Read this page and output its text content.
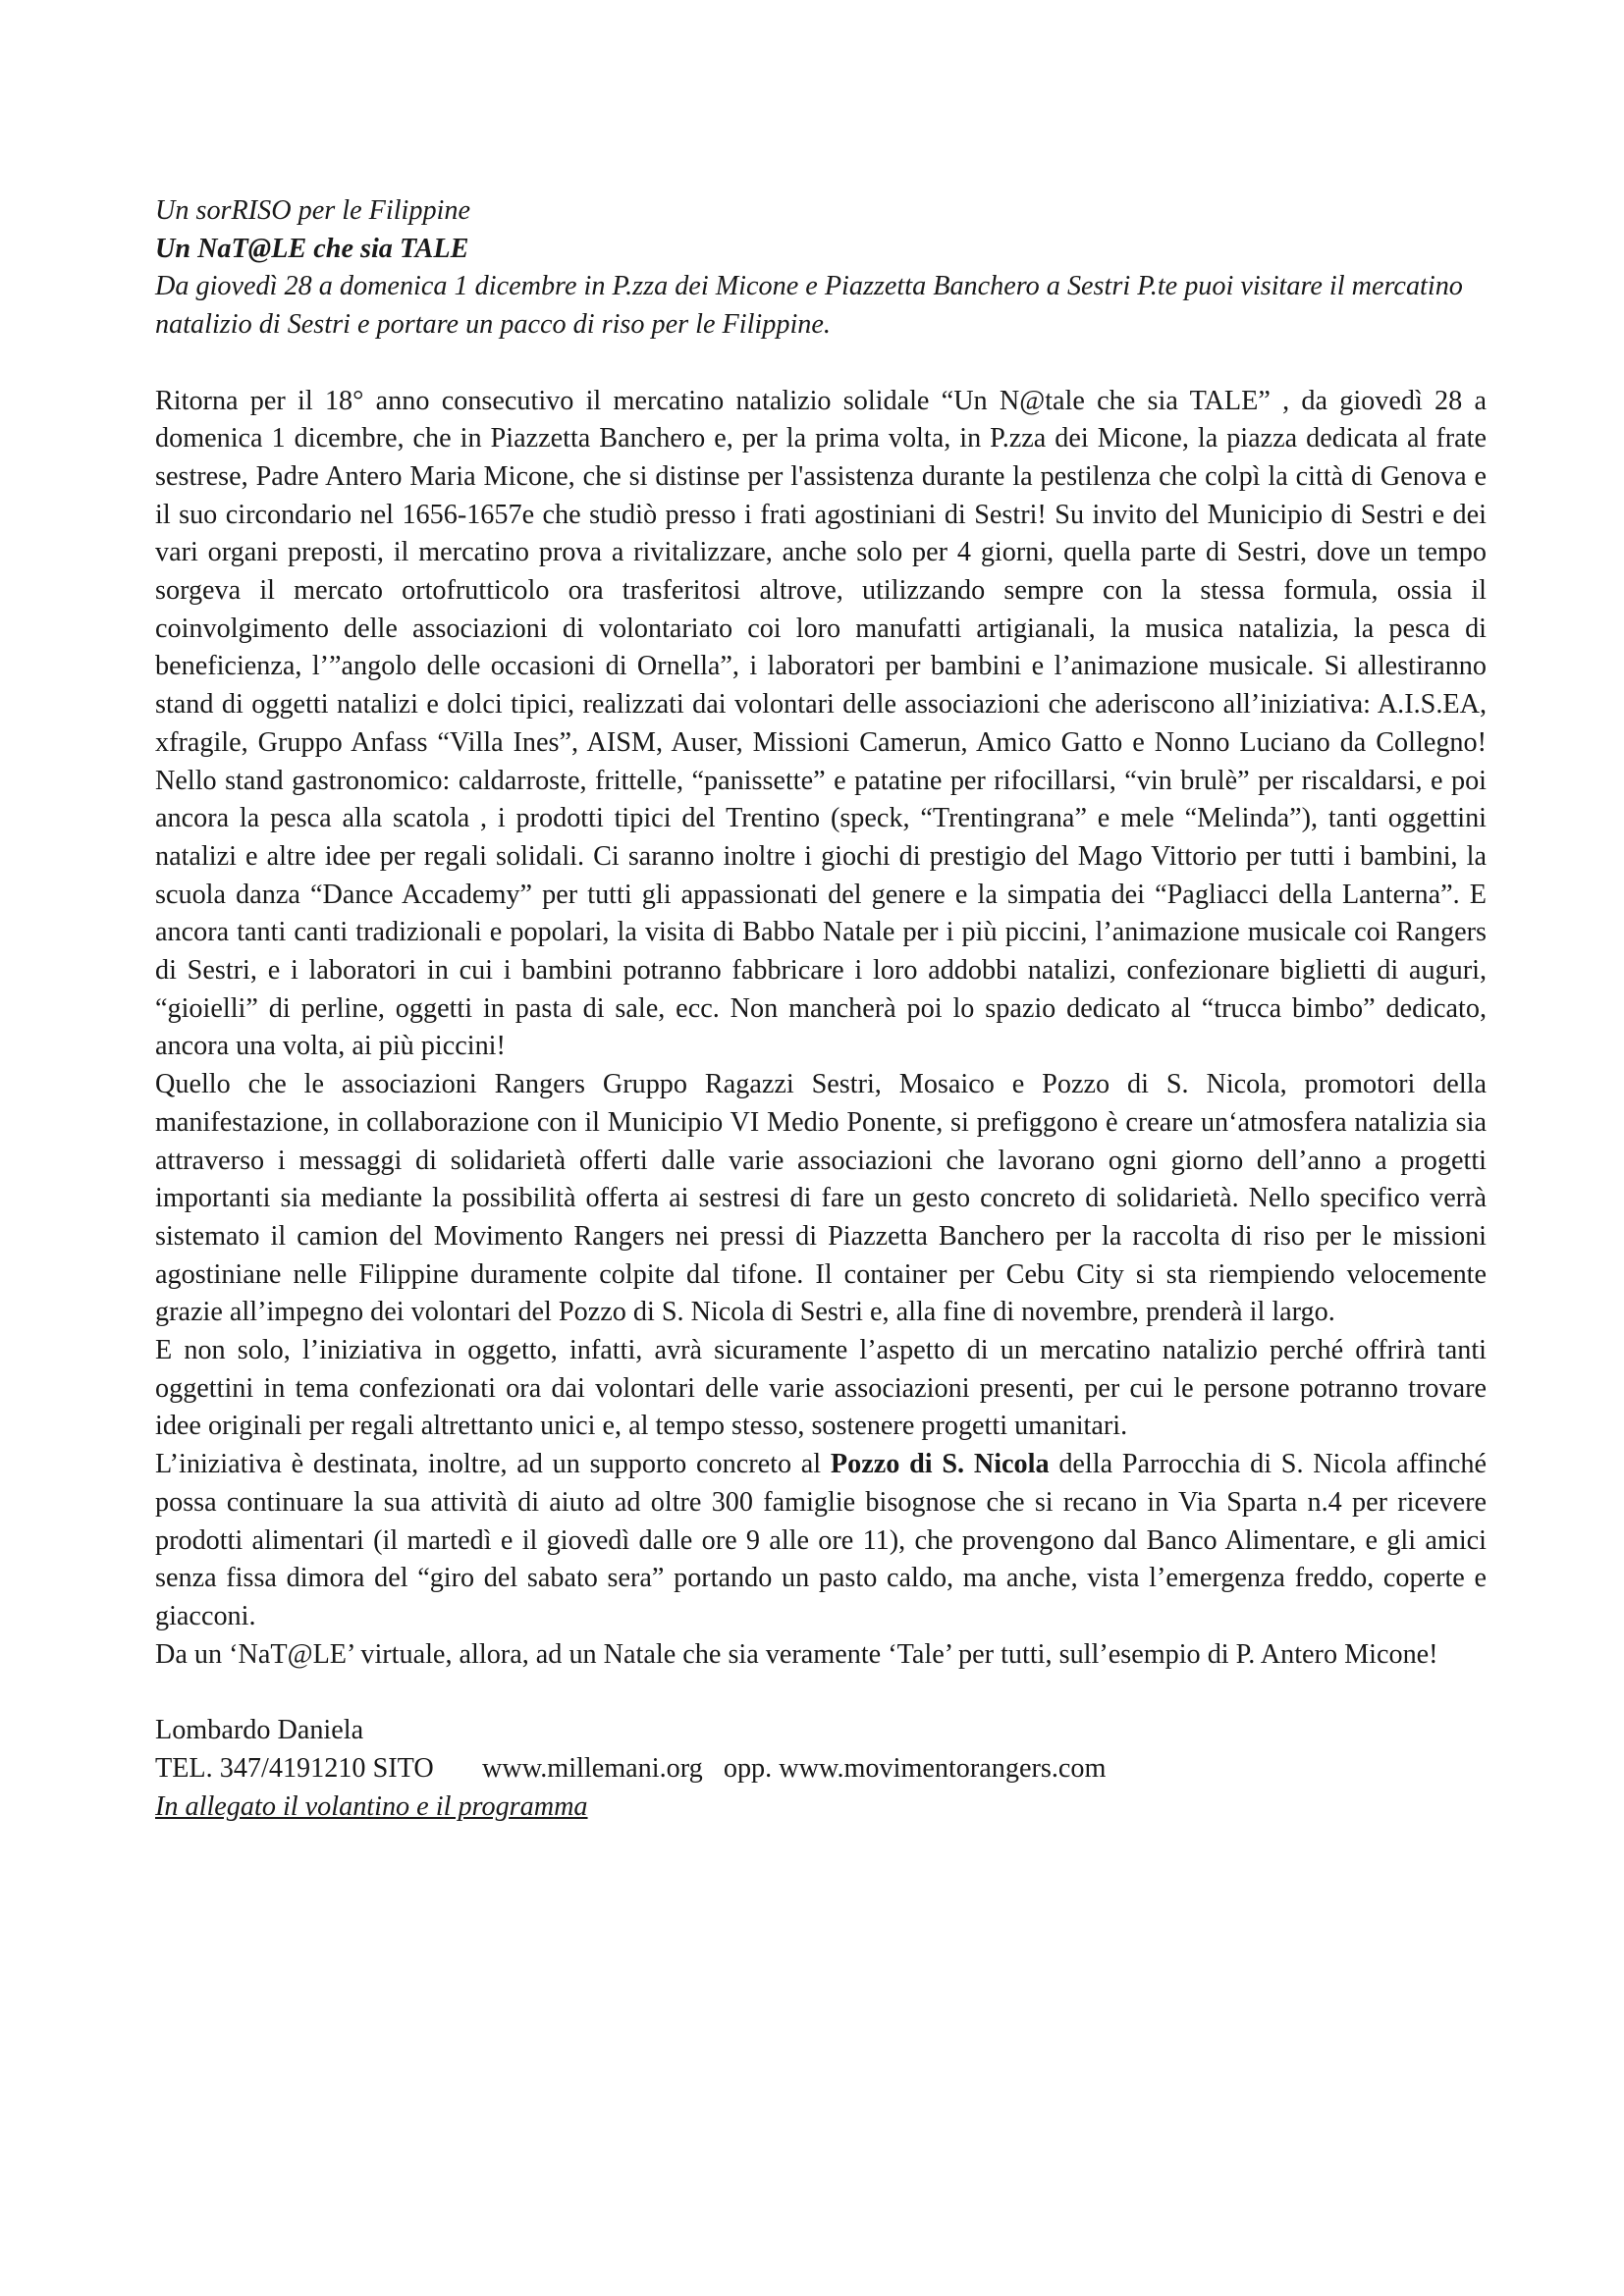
Un sorRISO per le Filippine
Un NaT@LE che sia TALE
Da giovedì 28 a domenica 1 dicembre in P.zza dei Micone e Piazzetta Banchero a Sestri P.te puoi visitare il mercatino natalizio di Sestri e portare un pacco di riso per le Filippine.
Ritorna per il 18° anno consecutivo il mercatino natalizio solidale “Un N@tale che sia TALE” , da giovedì 28 a domenica 1 dicembre, che in Piazzetta Banchero e, per la prima volta, in P.zza dei Micone, la piazza dedicata al frate sestrese, Padre Antero Maria Micone, che si distinse per l'assistenza durante la pestilenza che colpì la città di Genova e il suo circondario nel 1656-1657e che studiò presso i frati agostiniani di Sestri! Su invito del Municipio di Sestri e dei vari organi preposti, il mercatino prova a rivitalizzare, anche solo per 4 giorni, quella parte di Sestri, dove un tempo sorgeva il mercato ortofrutticolo ora trasferitosi altrove, utilizzando sempre con la stessa formula, ossia il coinvolgimento delle associazioni di volontariato coi loro manufatti artigianali, la musica natalizia, la pesca di beneficienza, l’”angolo delle occasioni di Ornella”, i laboratori per bambini e l’animazione musicale. Si allestiranno stand di oggetti natalizi e dolci tipici, realizzati dai volontari delle associazioni che aderiscono all’iniziativa: A.I.S.EA, xfragile, Gruppo Anfass “Villa Ines”, AISM, Auser, Missioni Camerun, Amico Gatto e Nonno Luciano da Collegno! Nello stand gastronomico: caldarroste, frittelle, “panissette” e patatine per rifocillarsi, “vin brulè” per riscaldarsi, e poi ancora la pesca alla scatola , i prodotti tipici del Trentino (speck, “Trentingrana” e mele “Melinda”), tanti oggettini natalizi e altre idee per regali solidali. Ci saranno inoltre i giochi di prestigio del Mago Vittorio per tutti i bambini, la scuola danza “Dance Accademy” per tutti gli appassionati del genere e la simpatia dei “Pagliacci della Lanterna”. E ancora tanti canti tradizionali e popolari, la visita di Babbo Natale per i più piccini, l’animazione musicale coi Rangers di Sestri, e i laboratori in cui i bambini potranno fabbricare i loro addobbi natalizi, confezionare biglietti di auguri, “gioielli” di perline, oggetti in pasta di sale, ecc. Non mancherà poi lo spazio dedicato al “trucca bimbo” dedicato, ancora una volta, ai più piccini!
Quello che le associazioni Rangers Gruppo Ragazzi Sestri, Mosaico e Pozzo di S. Nicola, promotori della manifestazione, in collaborazione con il Municipio VI Medio Ponente, si prefiggono è creare un‘atmosfera natalizia sia attraverso i messaggi di solidarietà offerti dalle varie associazioni che lavorano ogni giorno dell’anno a progetti importanti sia mediante la possibilità offerta ai sestresi di fare un gesto concreto di solidarietà. Nello specifico verrà sistemato il camion del Movimento Rangers nei pressi di Piazzetta Banchero per la raccolta di riso per le missioni agostiniane nelle Filippine duramente colpite dal tifone. Il container per Cebu City si sta riempiendo velocemente grazie all’impegno dei volontari del Pozzo di S. Nicola di Sestri e, alla fine di novembre, prenderà il largo.
E non solo, l’iniziativa in oggetto, infatti, avrà sicuramente l’aspetto di un mercatino natalizio perché offrirà tanti oggettini in tema confezionati ora dai volontari delle varie associazioni presenti, per cui le persone potranno trovare idee originali per regali altrettanto unici e, al tempo stesso, sostenere progetti umanitari.
L’iniziativa è destinata, inoltre, ad un supporto concreto al Pozzo di S. Nicola della Parrocchia di S. Nicola affinché possa continuare la sua attività di aiuto ad oltre 300 famiglie bisognose che si recano in Via Sparta n.4 per ricevere prodotti alimentari (il martedì e il giovedì dalle ore 9 alle ore 11), che provengono dal Banco Alimentare, e gli amici senza fissa dimora del “giro del sabato sera” portando un pasto caldo, ma anche, vista l’emergenza freddo, coperte e giacconi.
Da un ‘NaT@LE’ virtuale, allora, ad un Natale che sia veramente ‘Tale’ per tutti, sull’esempio di P. Antero Micone!
Lombardo Daniela
TEL. 347/4191210 SITO       www.millemani.org   opp. www.movimentorangers.com
In allegato il volantino e il programma
